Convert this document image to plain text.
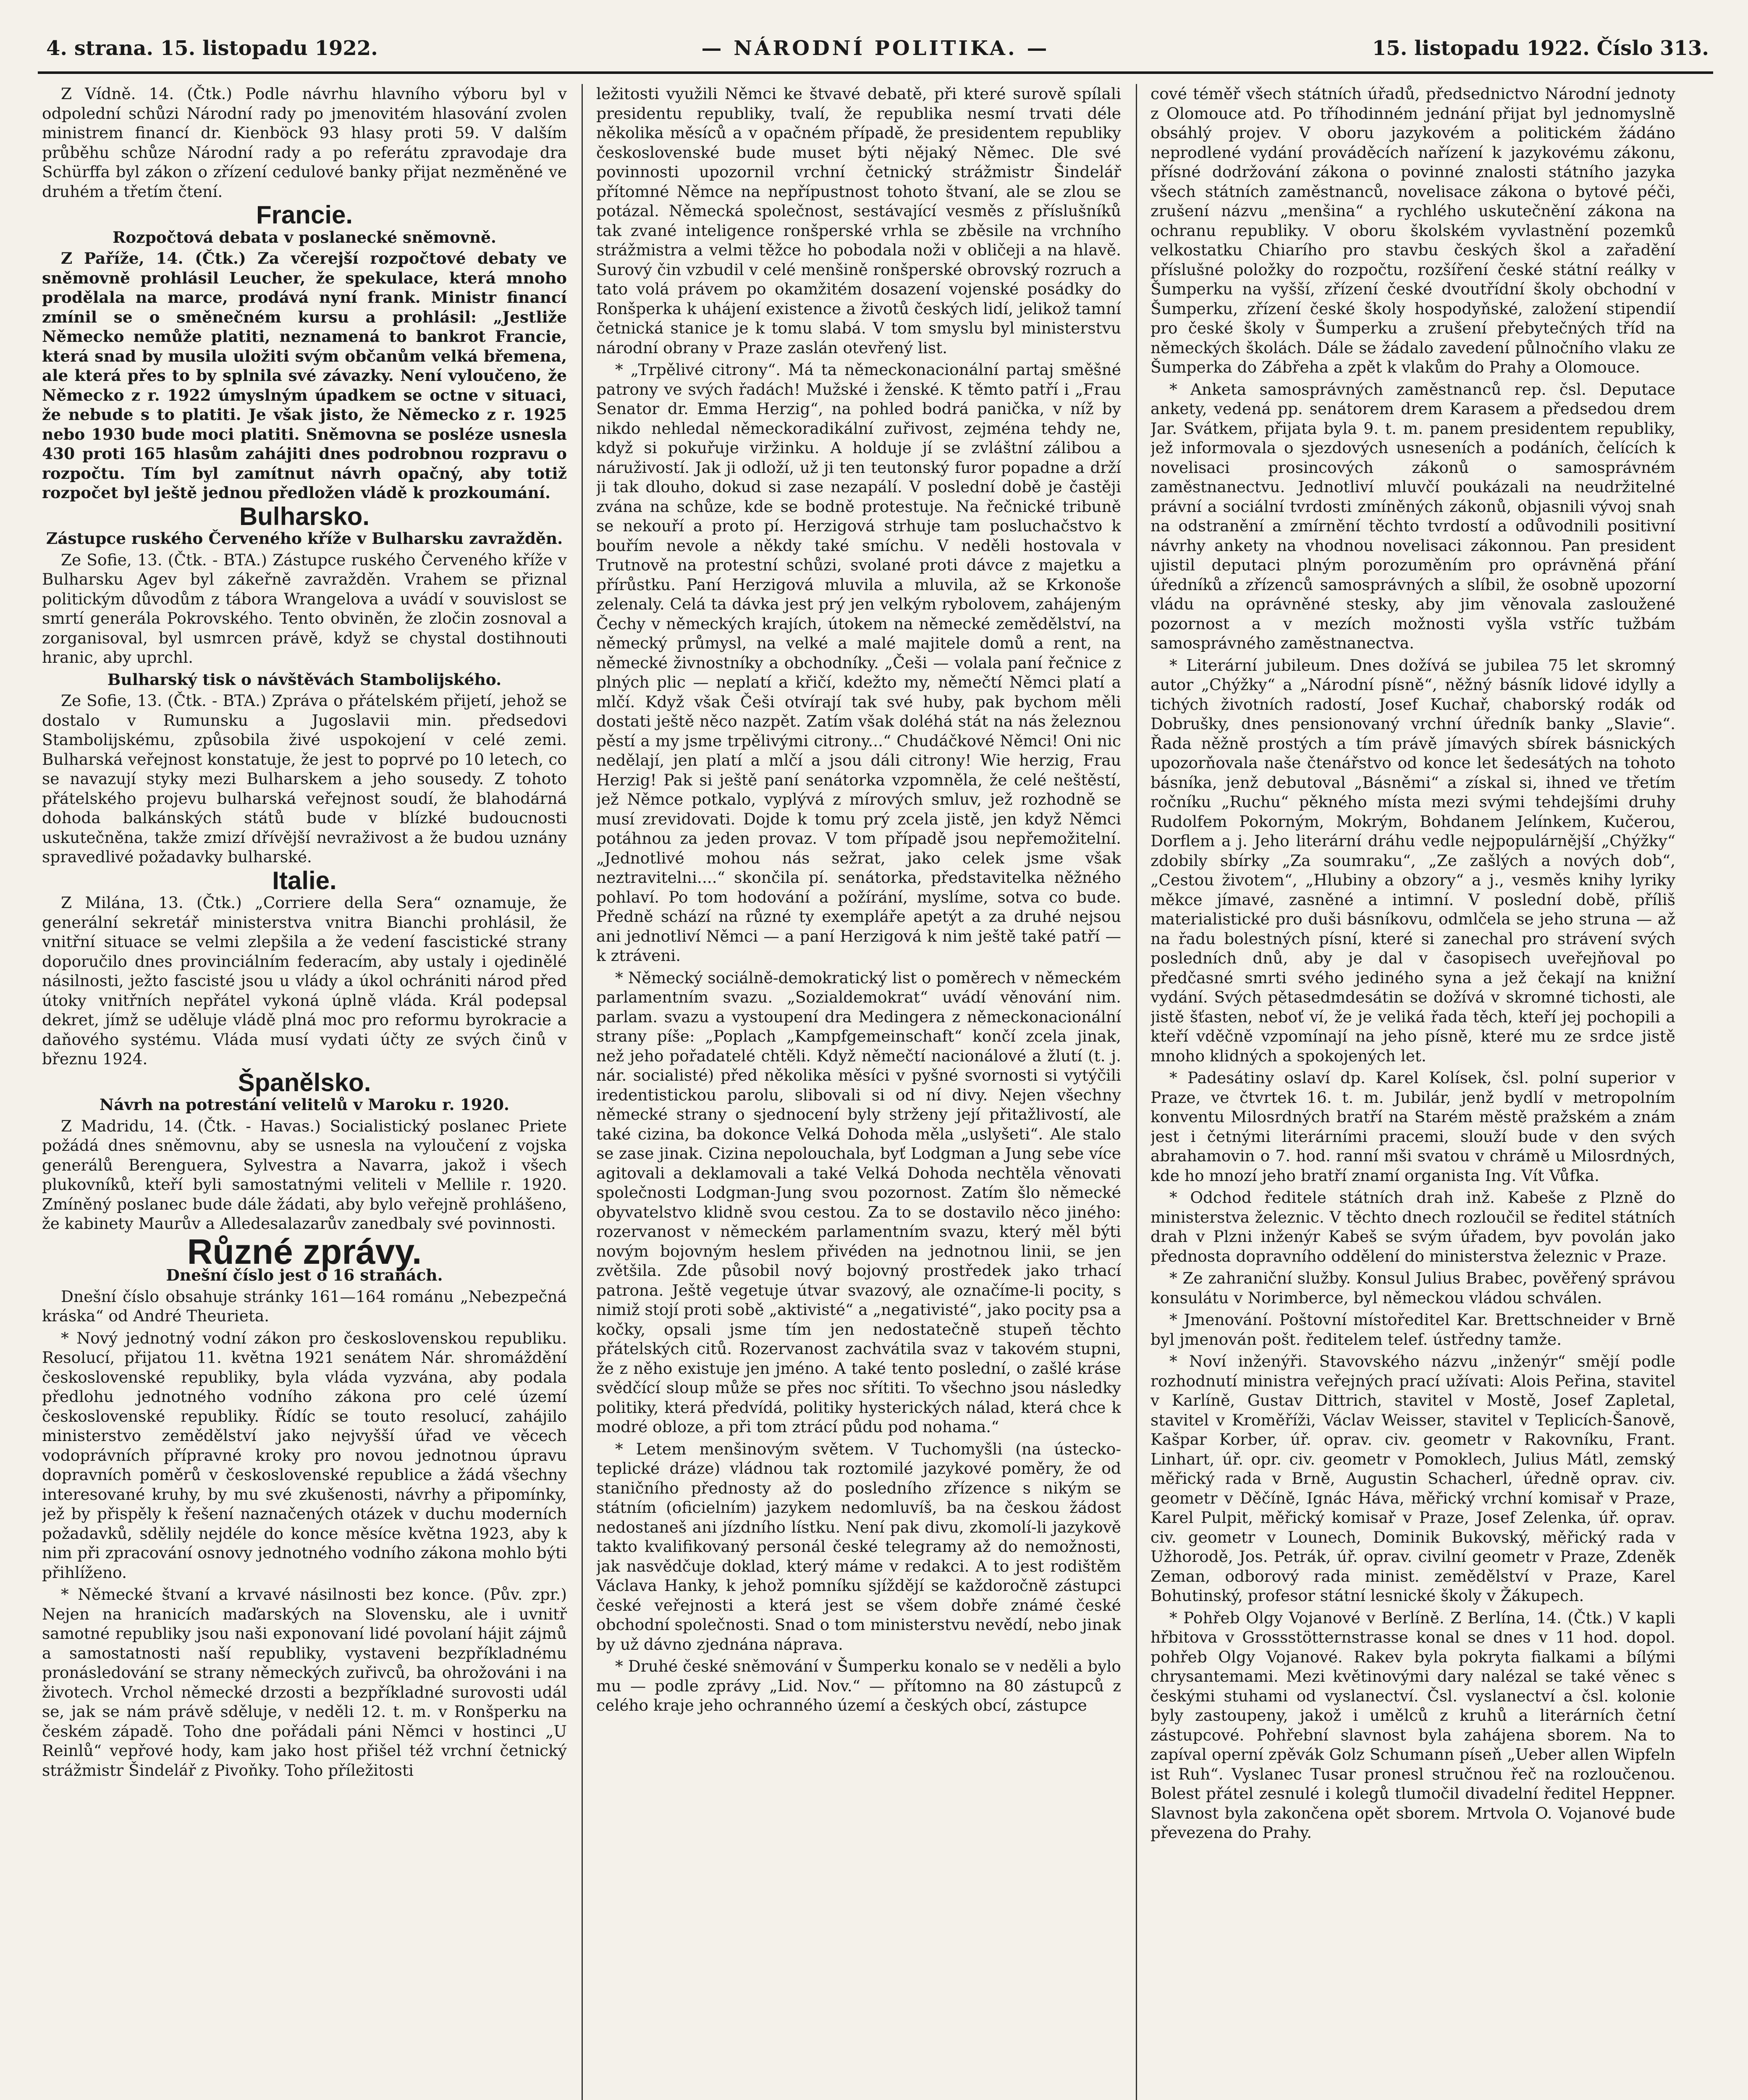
4. strana. 15. listopadu 1922.	— NÁRODNÍ POLITIKA. —	15. listopadu 1922. Číslo 313.

Z Vídně. 14. (Čtk.) Podle návrhu hlavního výboru byl v odpolední schůzi Národní rady po jmenovitém hlasování zvolen ministrem financí dr. Kienböck 93 hlasy proti 59. V dalším průběhu schůze Národní rady a po referátu zpravodaje dra Schürffa byl zákon o zřízení cedulové banky přijat nezměněné ve druhém a třetím čtení.

Francie.
Rozpočtová debata v poslanecké sněmovně.

Z Paříže, 14. (Čtk.) Za včerejší rozpočtové debaty ve sněmovně prohlásil Leucher, že spekulace, která mnoho prodělala na marce, prodává nyní frank. Ministr financí zmínil se o směnečném kursu a prohlásil: „Jestliže Německo nemůže platiti, neznamená to bankrot Francie, která snad by musila uložiti svým občanům velká břemena, ale která přes to by splnila své závazky. Není vyloučeno, že Německo z r. 1922 úmyslným úpadkem se octne v situaci, že nebude s to platiti. Je však jisto, že Německo z r. 1925 nebo 1930 bude moci platiti. Sněmovna se posléze usnesla 430 proti 165 hlasům zahájiti dnes podrobnou rozpravu o rozpočtu. Tím byl zamítnut návrh opačný, aby totiž rozpočet byl ještě jednou předložen vládě k prozkoumání.

Bulharsko.
Zástupce ruského Červeného kříže v Bulharsku zavražděn.

Ze Sofie, 13. (Čtk. - BTA.) Zástupce ruského Červeného kříže v Bulharsku Agev byl zákeřně zavražděn. Vrahem se přiznal politickým důvodům z tábora Wrangelova a uvádí v souvislost se smrtí generála Pokrovského. Tento obviněn, že zločin zosnoval a zorganisoval, byl usmrcen právě, když se chystal dostihnouti hranic, aby uprchl.

Bulharský tisk o návštěvách Stambolijského.

Ze Sofie, 13. (Čtk. - BTA.) Zpráva o přátelském přijetí, jehož se dostalo v Rumunsku a Jugoslavii min. předsedovi Stambolijskému, způsobila živé uspokojení v celé zemi. Bulharská veřejnost konstatuje, že jest to poprvé po 10 letech, co se navazují styky mezi Bulharskem a jeho sousedy. Z tohoto přátelského projevu bulharská veřejnost soudí, že blahodárná dohoda balkánských států bude v blízké budoucnosti uskutečněna, takže zmizí dřívější nevraživost a že budou uznány spravedlivé požadavky bulharské.

Italie.

Z Milána, 13. (Čtk.) „Corriere della Sera“ oznamuje, že generální sekretář ministerstva vnitra Bianchi prohlásil, že vnitřní situace se velmi zlepšila a že vedení fascistické strany doporučilo dnes provinciálním federacím, aby ustaly i ojedinělé násilnosti, ježto fascisté jsou u vlády a úkol ochrániti národ před útoky vnitřních nepřátel vykoná úplně vláda. Král podepsal dekret, jímž se uděluje vládě plná moc pro reformu byrokracie a daňového systému. Vláda musí vydati účty ze svých činů v březnu 1924.

Španělsko.
Návrh na potrestání velitelů v Maroku r. 1920.

Z Madridu, 14. (Čtk. - Havas.) Socialistický poslanec Priete požádá dnes sněmovnu, aby se usnesla na vyloučení z vojska generálů Berenguera, Sylvestra a Navarra, jakož i všech plukovníků, kteří byli samostatnými veliteli v Mellile r. 1920. Zmíněný poslanec bude dále žádati, aby bylo veřejně prohlášeno, že kabinety Maurův a Alledesalazarův zanedbaly své povinnosti.

Různé zprávy.
Dnešní číslo jest o 16 stranách.

Dnešní číslo obsahuje stránky 161—164 románu „Nebezpečná kráska“ od André Theurieta.

* Nový jednotný vodní zákon pro československou republiku. Resolucí, přijatou 11. května 1921 senátem Nár. shromáždění československé republiky, byla vláda vyzvána, aby podala předlohu jednotného vodního zákona pro celé území československé republiky. Řídíc se touto resolucí, zahájilo ministerstvo zemědělství jako nejvyšší úřad ve věcech vodoprávních přípravné kroky pro novou jednotnou úpravu dopravních poměrů v československé republice a žádá všechny interesované kruhy, by mu své zkušenosti, návrhy a připomínky, jež by přispěly k řešení naznačených otázek v duchu moderních požadavků, sdělily nejdéle do konce měsíce května 1923, aby k nim při zpracování osnovy jednotného vodního zákona mohlo býti přihlíženo.

* Německé štvaní a krvavé násilnosti bez konce. (Pův. zpr.) Nejen na hranicích maďarských na Slovensku, ale i uvnitř samotné republiky jsou naši exponovaní lidé povolaní hájit zájmů a samostatnosti naší republiky, vystaveni bezpříkladnému pronásledování se strany německých zuřivců, ba ohrožováni i na životech. Vrchol německé drzosti a bezpříkladné surovosti udál se, jak se nám právě sděluje, v neděli 12. t. m. v Ronšperku na českém západě. Toho dne pořádali páni Němci v hostinci „U Reinlů“ vepřové hody, kam jako host přišel též vrchní četnický strážmistr Šindelář z Pivoňky. Toho příležitosti

ležitosti využili Němci ke štvavé debatě, při které surově spílali presidentu republiky, tvalí, že republika nesmí trvati déle několika měsíců a v opačném případě, že presidentem republiky československé bude muset býti nějaký Němec. Dle své povinnosti upozornil vrchní četnický strážmistr Šindelář přítomné Němce na nepřípustnost tohoto štvaní, ale se zlou se potázal. Německá společnost, sestávající vesměs z příslušníků tak zvané inteligence ronšperské vrhla se zběsile na vrchního strážmistra a velmi těžce ho pobodala noži v obličeji a na hlavě. Surový čin vzbudil v celé menšině ronšperské obrovský rozruch a tato volá právem po okamžitém dosazení vojenské posádky do Ronšperka k uhájení existence a životů českých lidí, jelikož tamní četnická stanice je k tomu slabá. V tom smyslu byl ministerstvu národní obrany v Praze zaslán otevřený list.

* „Trpělivé citrony“. Má ta německonacionální partaj směšné patrony ve svých řadách! Mužské i ženské. K těmto patří i „Frau Senator dr. Emma Herzig“, na pohled bodrá panička, v níž by nikdo nehledal německoradikální zuřivost, zejména tehdy ne, když si pokuřuje viržinku. A holduje jí se zvláštní zálibou a náruživostí. Jak ji odloží, už ji ten teutonský furor popadne a drží ji tak dlouho, dokud si zase nezapálí. V poslední době je častěji zvána na schůze, kde se bodně protestuje. Na řečnické tribuně se nekouří a proto pí. Herzigová strhuje tam posluchačstvo k bouřím nevole a někdy také smíchu. V neděli hostovala v Trutnově na protestní schůzi, svolané proti dávce z majetku a přírůstku. Paní Herzigová mluvila a mluvila, až se Krkonoše zelenaly. Celá ta dávka jest prý jen velkým rybolovem, zahájeným Čechy v německých krajích, útokem na německé zemědělství, na německý průmysl, na velké a malé majitele domů a rent, na německé živnostníky a obchodníky. „Češi — volala paní řečnice z plných plic — neplatí a křičí, kdežto my, němečtí Němci platí a mlčí. Když však Češi otvírají tak své huby, pak bychom měli dostati ještě něco nazpět. Zatím však doléhá stát na nás železnou pěstí a my jsme trpělivými citrony...“ Chudáčkové Němci! Oni nic nedělají, jen platí a mlčí a jsou dáli citrony! Wie herzig, Frau Herzig! Pak si ještě paní senátorka vzpomněla, že celé neštěstí, jež Němce potkalo, vyplývá z mírových smluv, jež rozhodně se musí zrevidovati. Dojde k tomu prý zcela jistě, jen když Němci potáhnou za jeden provaz. V tom případě jsou nepřemožitelní. „Jednotlivé mohou nás sežrat, jako celek jsme však neztravitelni....“ skončila pí. senátorka, představitelka něžného pohlaví. Po tom hodování a požírání, myslíme, sotva co bude. Předně schází na různé ty exempláře apetýt a za druhé nejsou ani jednotliví Němci — a paní Herzigová k nim ještě také patří — k ztráveni.

* Německý sociálně-demokratický list o poměrech v německém parlamentním svazu. „Sozialdemokrat“ uvádí věnování nim. parlam. svazu a vystoupení dra Medingera z německonacionální strany píše: „Poplach „Kampfgemeinschaft“ končí zcela jinak, než jeho pořadatelé chtěli. Když němečtí nacionálové a žlutí (t. j. nár. socialisté) před několika měsíci v pyšné svornosti si vytýčili iredentistickou parolu, slibovali si od ní divy. Nejen všechny německé strany o sjednocení byly strženy její přitažlivostí, ale také cizina, ba dokonce Velká Dohoda měla „uslyšeti“. Ale stalo se zase jinak. Cizina nepolouchala, byť Lodgman a Jung sebe více agitovali a deklamovali a také Velká Dohoda nechtěla věnovati společnosti Lodgman-Jung svou pozornost. Zatím šlo německé obyvatelstvo klidně svou cestou. Za to se dostavilo něco jiného: rozervanost v německém parlamentním svazu, který měl býti novým bojovným heslem přivéden na jednotnou linii, se jen zvětšila. Zde působil nový bojovný prostředek jako trhací patrona. Ještě vegetuje útvar svazový, ale označíme-li pocity, s nimiž stojí proti sobě „aktivisté“ a „negativisté“, jako pocity psa a kočky, opsali jsme tím jen nedostatečně stupeň těchto přátelských citů. Rozervanost zachvátila svaz v takovém stupni, že z něho existuje jen jméno. A také tento poslední, o zašlé kráse svědčící sloup může se přes noc sřítiti. To všechno jsou následky politiky, která předvídá, politiky hysterických nálad, která chce k modré obloze, a při tom ztrácí půdu pod nohama.“

* Letem menšinovým světem. V Tuchomyšli (na ústecko-teplické dráze) vládnou tak roztomilé jazykové poměry, že od staničního přednosty až do posledního zřízence s nikým se státním (oficielním) jazykem nedomluvíš, ba na českou žádost nedostaneš ani jízdního lístku. Není pak divu, zkomolí-li jazykově takto kvalifikovaný personál české telegramy až do nemožnosti, jak nasvědčuje doklad, který máme v redakci. A to jest rodištěm Václava Hanky, k jehož pomníku sjíždějí se každoročně zástupci české veřejnosti a která jest se všem dobře známé české obchodní společnosti. Snad o tom ministerstvu nevědí, nebo jinak by už dávno zjednána náprava.

* Druhé české sněmování v Šumperku konalo se v neděli a bylo mu — podle zprávy „Lid. Nov.“ — přítomno na 80 zástupců z celého kraje jeho ochranného území a českých obcí, zástupce

cové téměř všech státních úřadů, předsednictvo Národní jednoty z Olomouce atd. Po tříhodinném jednání přijat byl jednomyslně obsáhlý projev. V oboru jazykovém a politickém žádáno neprodlené vydání prováděcích nařízení k jazykovému zákonu, přísné dodržování zákona o povinné znalosti státního jazyka všech státních zaměstnanců, novelisace zákona o bytové péči, zrušení názvu „menšina“ a rychlého uskutečnění zákona na ochranu republiky. V oboru školském vyvlastnění pozemků velkostatku Chiarího pro stavbu českých škol a zařadění příslušné položky do rozpočtu, rozšíření české státní reálky v Šumperku na vyšší, zřízení české dvoutřídní školy obchodní v Šumperku, zřízení české školy hospodyňské, založení stipendií pro české školy v Šumperku a zrušení přebytečných tříd na německých školách. Dále se žádalo zavedení půlnočního vlaku ze Šumperka do Zábřeha a zpět k vlakům do Prahy a Olomouce.

* Anketa samosprávných zaměstnanců rep. čsl. Deputace ankety, vedená pp. senátorem drem Karasem a předsedou drem Jar. Svátkem, přijata byla 9. t. m. panem presidentem republiky, jež informovala o sjezdových usneseních a podáních, čelících k novelisaci prosincových zákonů o samosprávném zaměstnanectvu. Jednotliví mluvčí poukázali na neudržitelné právní a sociální tvrdosti zmíněných zákonů, objasnili vývoj snah na odstranění a zmírnění těchto tvrdostí a odůvodnili positivní návrhy ankety na vhodnou novelisaci zákonnou. Pan president ujistil deputaci plným porozuměním pro oprávněná přání úředníků a zřízenců samosprávných a slíbil, že osobně upozorní vládu na oprávněné stesky, aby jim věnovala zasloužené pozornost a v mezích možnosti vyšla vstříc tužbám samosprávného zaměstnanectva.

* Literární jubileum. Dnes dožívá se jubilea 75 let skromný autor „Chýžky“ a „Národní písně“, něžný básník lidové idylly a tichých životních radostí, Josef Kuchař, chaborský rodák od Dobrušky, dnes pensionovaný vrchní úředník banky „Slavie“. Řada něžně prostých a tím právě jímavých sbírek básnických upozorňovala naše čtenářstvo od konce let šedesátých na tohoto básníka, jenž debutoval „Básněmi“ a získal si, ihned ve třetím ročníku „Ruchu“ pěkného místa mezi svými tehdejšími druhy Rudolfem Pokorným, Mokrým, Bohdanem Jelínkem, Kučerou, Dorflem a j. Jeho literární dráhu vedle nejpopulárnější „Chýžky“ zdobily sbírky „Za soumraku“, „Ze zašlých a nových dob“, „Cestou životem“, „Hlubiny a obzory“ a j., vesměs knihy lyriky měkce jímavé, zasněné a intimní. V poslední době, příliš materialistické pro duši básníkovu, odmlčela se jeho struna — až na řadu bolestných písní, které si zanechal pro strávení svých posledních dnů, aby je dal v časopisech uveřejňoval po předčasné smrti svého jediného syna a jež čekají na knižní vydání. Svých pětasedmdesátin se dožívá v skromné tichosti, ale jistě šťasten, neboť ví, že je veliká řada těch, kteří jej pochopili a kteří vděčně vzpomínají na jeho písně, které mu ze srdce jistě mnoho klidných a spokojených let.

* Padesátiny oslaví dp. Karel Kolísek, čsl. polní superior v Praze, ve čtvrtek 16. t. m. Jubilár, jenž bydlí v metropolním konventu Milosrdných bratří na Starém městě pražském a znám jest i četnými literárními pracemi, slouží bude v den svých abrahamovin o 7. hod. ranní mši svatou v chrámě u Milosrdných, kde ho mnozí jeho bratří znamí organista Ing. Vít Vůfka.

* Odchod ředitele státních drah inž. Kabeše z Plzně do ministerstva železnic. V těchto dnech rozloučil se ředitel státních drah v Plzni inženýr Kabeš se svým úřadem, byv povolán jako přednosta dopravního oddělení do ministerstva železnic v Praze.

* Ze zahraniční služby. Konsul Julius Brabec, pověřený správou konsulátu v Norimberce, byl německou vládou schválen.

* Jmenování. Poštovní místoředitel Kar. Brettschneider v Brně byl jmenován pošt. ředitelem telef. ústředny tamže.

* Noví inženýři. Stavovského názvu „inženýr“ smějí podle rozhodnutí ministra veřejných prací užívati: Alois Peřina, stavitel v Karlíně, Gustav Dittrich, stavitel v Mostě, Josef Zapletal, stavitel v Kroměříži, Václav Weisser, stavitel v Teplicích-Šanově, Kašpar Korber, úř. oprav. civ. geometr v Rakovníku, Frant. Linhart, úř. opr. civ. geometr v Pomoklech, Julius Mátl, zemský měřický rada v Brně, Augustin Schacherl, úředně oprav. civ. geometr v Děčíně, Ignác Háva, měřický vrchní komisař v Praze, Karel Pulpit, měřický komisař v Praze, Josef Zelenka, úř. oprav. civ. geometr v Lounech, Dominik Bukovský, měřický rada v Užhorodě, Jos. Petrák, úř. oprav. civilní geometr v Praze, Zdeněk Zeman, odborový rada minist. zemědělství v Praze, Karel Bohutinský, profesor státní lesnické školy v Žákupech.

* Pohřeb Olgy Vojanové v Berlíně. Z Berlína, 14. (Čtk.) V kapli hřbitova v Grossstötternstrasse konal se dnes v 11 hod. dopol. pohřeb Olgy Vojanové. Rakev byla pokryta fialkami a bílými chrysantemami. Mezi květinovými dary nalézal se také věnec s českými stuhami od vyslanectví. Čsl. vyslanectví a čsl. kolonie byly zastoupeny, jakož i umělců z kruhů a literárních četní zástupcové. Pohřební slavnost byla zahájena sborem. Na to zapíval operní zpěvák Golz Schumann píseň „Ueber allen Wipfeln ist Ruh“. Vyslanec Tusar pronesl stručnou řeč na rozloučenou. Bolest přátel zesnulé i kolegů tlumočil divadelní ředitel Heppner. Slavnost byla zakončena opět sborem. Mrtvola O. Vojanové bude převezena do Prahy.
